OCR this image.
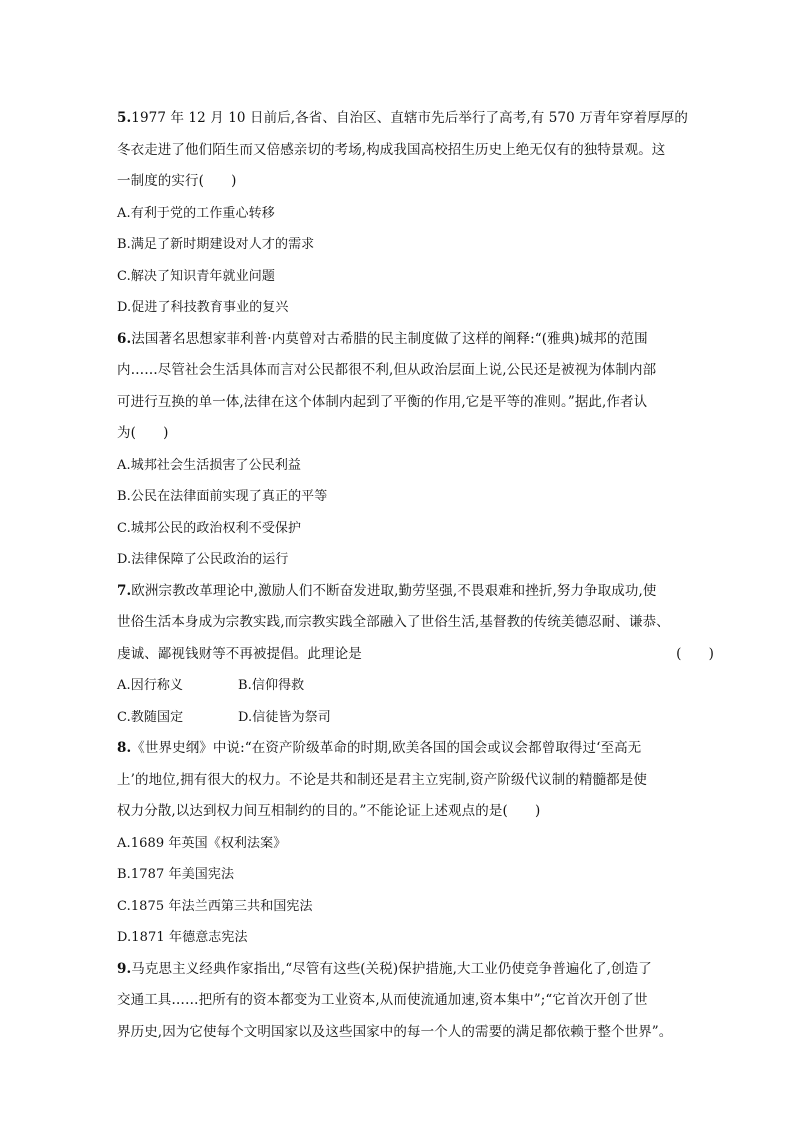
5.1977 年 12 月 10 日前后,各省、自治区、直辖市先后举行了高考,有 570 万青年穿着厚厚的
冬衣走进了他们陌生而又倍感亲切的考场,构成我国高校招生历史上绝无仅有的独特景观。这
一制度的实行(　　)
A.有利于党的工作重心转移
B.满足了新时期建设对人才的需求
C.解决了知识青年就业问题
D.促进了科技教育事业的复兴
6.法国著名思想家菲利普·内莫曾对古希腊的民主制度做了这样的阐释:“(雅典)城邦的范围
内……尽管社会生活具体而言对公民都很不利,但从政治层面上说,公民还是被视为体制内部
可进行互换的单一体,法律在这个体制内起到了平衡的作用,它是平等的准则。”据此,作者认
为(　　)
A.城邦社会生活损害了公民利益
B.公民在法律面前实现了真正的平等
C.城邦公民的政治权利不受保护
D.法律保障了公民政治的运行
7.欧洲宗教改革理论中,激励人们不断奋发进取,勤劳坚强,不畏艰难和挫折,努力争取成功,使
世俗生活本身成为宗教实践,而宗教实践全部融入了世俗生活,基督教的传统美德忍耐、谦恭、
虔诚、鄙视钱财等不再被提倡。此理论是	(　　)
A.因行称义	B.信仰得救
C.教随国定	D.信徒皆为祭司
8.《世界史纲》中说:“在资产阶级革命的时期,欧美各国的国会或议会都曾取得过‘至高无
上’的地位,拥有很大的权力。不论是共和制还是君主立宪制,资产阶级代议制的精髓都是使
权力分散,以达到权力间互相制约的目的。”不能论证上述观点的是(　　)
A.1689 年英国《权利法案》
B.1787 年美国宪法
C.1875 年法兰西第三共和国宪法
D.1871 年德意志宪法
9.马克思主义经典作家指出,“尽管有这些(关税)保护措施,大工业仍使竞争普遍化了,创造了
交通工具……把所有的资本都变为工业资本,从而使流通加速,资本集中”;“它首次开创了世
界历史,因为它使每个文明国家以及这些国家中的每一个人的需要的满足都依赖于整个世界”。
